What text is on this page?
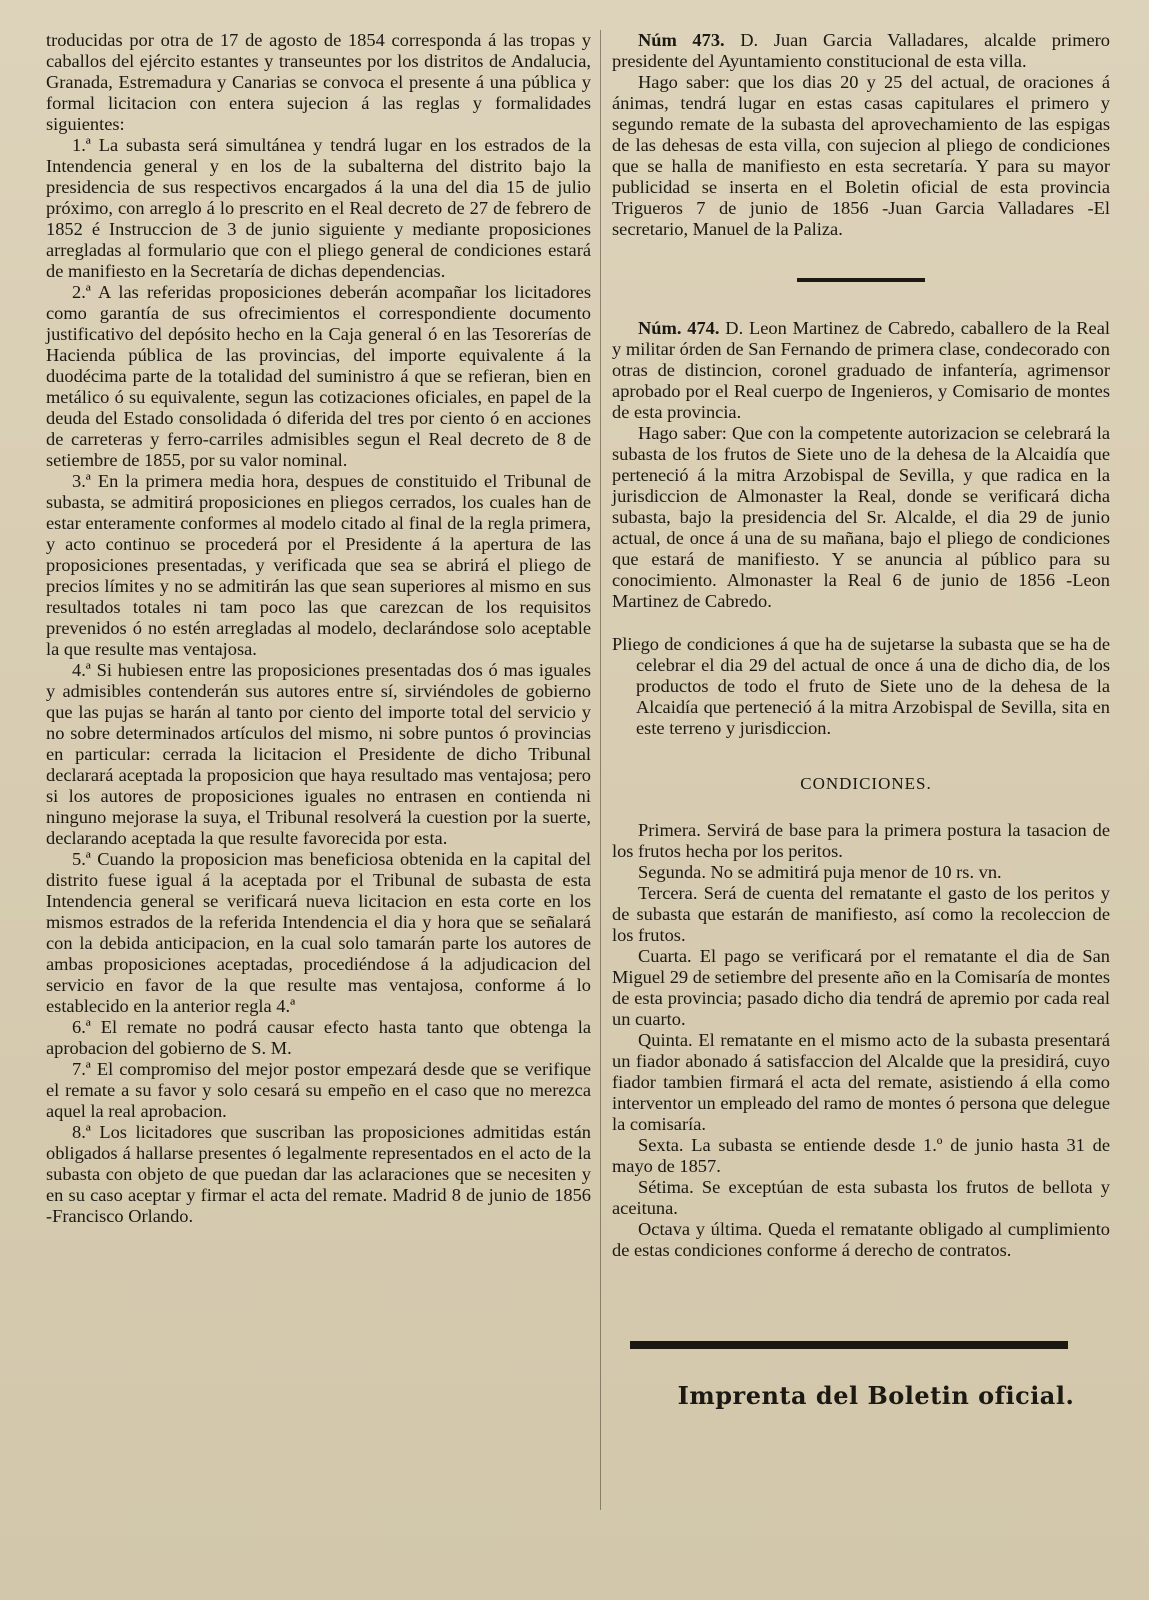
troducidas por otra de 17 de agosto de 1854 corresponda á las tropas y caballos del ejército estantes y transeuntes por los distritos de Andalucia, Granada, Estremadura y Canarias se convoca el presente á una pública y formal licitacion con entera sujecion á las reglas y formalidades siguientes:

1.ª La subasta será simultánea y tendrá lugar en los estrados de la Intendencia general y en los de la subalterna del distrito bajo la presidencia de sus respectivos encargados á la una del dia 15 de julio próximo, con arreglo á lo prescrito en el Real decreto de 27 de febrero de 1852 é Instruccion de 3 de junio siguiente y mediante proposiciones arregladas al formulario que con el pliego general de condiciones estará de manifiesto en la Secretaría de dichas dependencias.

2.ª A las referidas proposiciones deberán acompañar los licitadores como garantía de sus ofrecimientos el correspondiente documento justificativo del depósito hecho en la Caja general ó en las Tesorerías de Hacienda pública de las provincias, del importe equivalente á la duodécima parte de la totalidad del suministro á que se refieran, bien en metálico ó su equivalente, segun las cotizaciones oficiales, en papel de la deuda del Estado consolidada ó diferida del tres por ciento ó en acciones de carreteras y ferro-carriles admisibles segun el Real decreto de 8 de setiembre de 1855, por su valor nominal.

3.ª En la primera media hora, despues de constituido el Tribunal de subasta, se admitirá proposiciones en pliegos cerrados, los cuales han de estar enteramente conformes al modelo citado al final de la regla primera, y acto continuo se procederá por el Presidente á la apertura de las proposiciones presentadas, y verificada que sea se abrirá el pliego de precios límites y no se admitirán las que sean superiores al mismo en sus resultados totales ni tam poco las que carezcan de los requisitos prevenidos ó no estén arregladas al modelo, declarándose solo aceptable la que resulte mas ventajosa.

4.ª Si hubiesen entre las proposiciones presentadas dos ó mas iguales y admisibles contenderán sus autores entre sí, sirviéndoles de gobierno que las pujas se harán al tanto por ciento del importe total del servicio y no sobre determinados artículos del mismo, ni sobre puntos ó provincias en particular: cerrada la licitacion el Presidente de dicho Tribunal declarará aceptada la proposicion que haya resultado mas ventajosa; pero si los autores de proposiciones iguales no entrasen en contienda ni ninguno mejorase la suya, el Tribunal resolverá la cuestion por la suerte, declarando aceptada la que resulte favorecida por esta.

5.ª Cuando la proposicion mas beneficiosa obtenida en la capital del distrito fuese igual á la aceptada por el Tribunal de subasta de esta Intendencia general se verificará nueva licitacion en esta corte en los mismos estrados de la referida Intendencia el dia y hora que se señalará con la debida anticipacion, en la cual solo tamarán parte los autores de ambas proposiciones aceptadas, procediéndose á la adjudicacion del servicio en favor de la que resulte mas ventajosa, conforme á lo establecido en la anterior regla 4.ª

6.ª El remate no podrá causar efecto hasta tanto que obtenga la aprobacion del gobierno de S. M.

7.ª El compromiso del mejor postor empezará desde que se verifique el remate a su favor y solo cesará su empeño en el caso que no merezca aquel la real aprobacion.

8.ª Los licitadores que suscriban las proposiciones admitidas están obligados á hallarse presentes ó legalmente representados en el acto de la subasta con objeto de que puedan dar las aclaraciones que se necesiten y en su caso aceptar y firmar el acta del remate. Madrid 8 de junio de 1856 -Francisco Orlando.

Núm 473. D. Juan Garcia Valladares, alcalde primero presidente del Ayuntamiento constitucional de esta villa.

Hago saber: que los dias 20 y 25 del actual, de oraciones á ánimas, tendrá lugar en estas casas capitulares el primero y segundo remate de la subasta del aprovechamiento de las espigas de las dehesas de esta villa, con sujecion al pliego de condiciones que se halla de manifiesto en esta secretaría. Y para su mayor publicidad se inserta en el Boletin oficial de esta provincia Trigueros 7 de junio de 1856 -Juan Garcia Valladares -El secretario, Manuel de la Paliza.

Núm. 474. D. Leon Martinez de Cabredo, caballero de la Real y militar órden de San Fernando de primera clase, condecorado con otras de distincion, coronel graduado de infantería, agrimensor aprobado por el Real cuerpo de Ingenieros, y Comisario de montes de esta provincia.

Hago saber: Que con la competente autorizacion se celebrará la subasta de los frutos de Siete uno de la dehesa de la Alcaidía que perteneció á la mitra Arzobispal de Sevilla, y que radica en la jurisdiccion de Almonaster la Real, donde se verificará dicha subasta, bajo la presidencia del Sr. Alcalde, el dia 29 de junio actual, de once á una de su mañana, bajo el pliego de condiciones que estará de manifiesto. Y se anuncia al público para su conocimiento. Almonaster la Real 6 de junio de 1856 -Leon Martinez de Cabredo.

Pliego de condiciones á que ha de sujetarse la subasta que se ha de celebrar el dia 29 del actual de once á una de dicho dia, de los productos de todo el fruto de Siete uno de la dehesa de la Alcaidía que perteneció á la mitra Arzobispal de Sevilla, sita en este terreno y jurisdiccion.

CONDICIONES.

Primera. Servirá de base para la primera postura la tasacion de los frutos hecha por los peritos.

Segunda. No se admitirá puja menor de 10 rs. vn.

Tercera. Será de cuenta del rematante el gasto de los peritos y de subasta que estarán de manifiesto, así como la recoleccion de los frutos.

Cuarta. El pago se verificará por el rematante el dia de San Miguel 29 de setiembre del presente año en la Comisaría de montes de esta provincia; pasado dicho dia tendrá de apremio por cada real un cuarto.

Quinta. El rematante en el mismo acto de la subasta presentará un fiador abonado á satisfaccion del Alcalde que la presidirá, cuyo fiador tambien firmará el acta del remate, asistiendo á ella como interventor un empleado del ramo de montes ó persona que delegue la comisaría.

Sexta. La subasta se entiende desde 1.º de junio hasta 31 de mayo de 1857.

Sétima. Se exceptúan de esta subasta los frutos de bellota y aceituna.

Octava y última. Queda el rematante obligado al cumplimiento de estas condiciones conforme á derecho de contratos.

Imprenta del Boletin oficial.
